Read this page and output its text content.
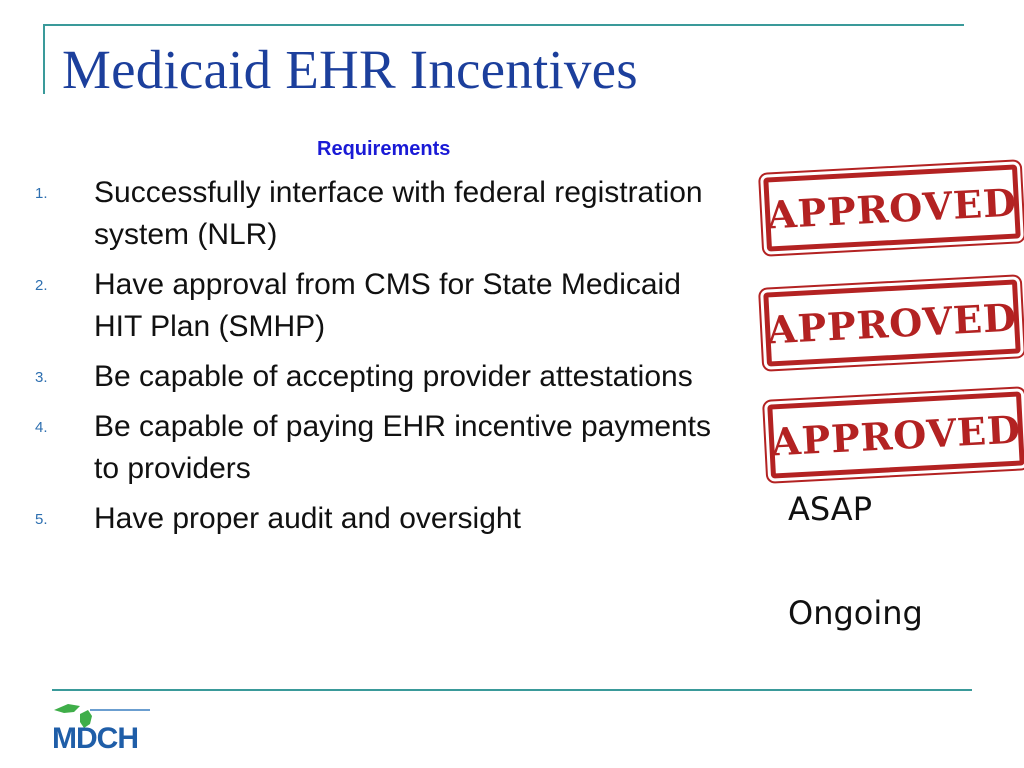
Medicaid EHR Incentives
Requirements
1. Successfully interface with federal registration system (NLR)
2. Have approval from CMS for State Medicaid HIT Plan (SMHP)
3. Be capable of accepting provider attestations
4. Be capable of paying EHR incentive payments to providers
5. Have proper audit and oversight
APPROVED
APPROVED
APPROVED
ASAP
Ongoing
MDCH
